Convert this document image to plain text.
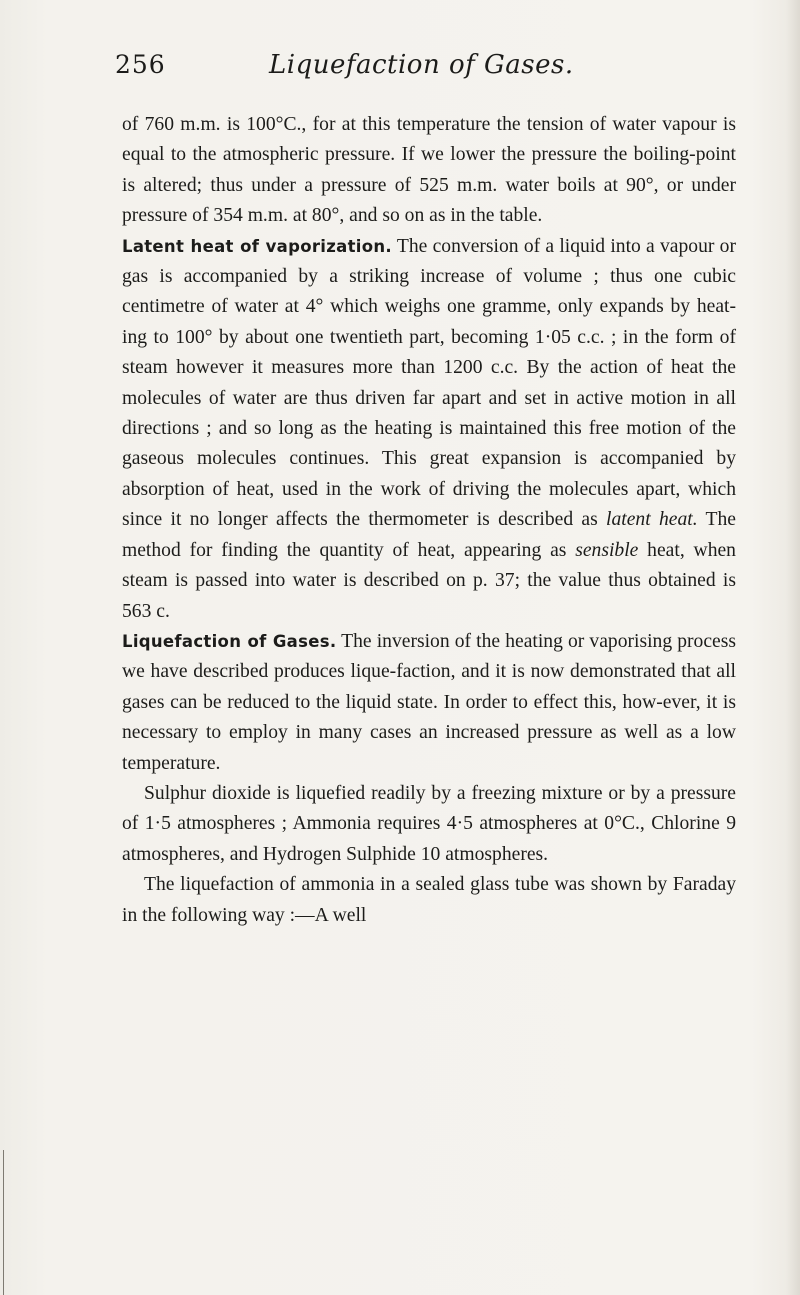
256	Liquefaction of Gases.

of 760 m.m. is 100°C., for at this temperature the tension of water vapour is equal to the atmospheric pressure. If we lower the pressure the boiling-point is altered; thus under a pressure of 525 m.m. water boils at 90°, or under pressure of 354 m.m. at 80°, and so on as in the table.

Latent heat of vaporization. The conversion of a liquid into a vapour or gas is accompanied by a striking increase of volume ; thus one cubic centimetre of water at 4° which weighs one gramme, only expands by heat-ing to 100° by about one twentieth part, becoming 1·05 c.c. ; in the form of steam however it measures more than 1200 c.c. By the action of heat the molecules of water are thus driven far apart and set in active motion in all directions ; and so long as the heating is maintained this free motion of the gaseous molecules continues. This great expansion is accompanied by absorption of heat, used in the work of driving the molecules apart, which since it no longer affects the thermometer is described as latent heat. The method for finding the quantity of heat, appearing as sensible heat, when steam is passed into water is described on p. 37; the value thus obtained is 563 c.

Liquefaction of Gases. The inversion of the heating or vaporising process we have described produces lique-faction, and it is now demonstrated that all gases can be reduced to the liquid state. In order to effect this, how-ever, it is necessary to employ in many cases an increased pressure as well as a low temperature.

Sulphur dioxide is liquefied readily by a freezing mixture or by a pressure of 1·5 atmospheres ; Ammonia requires 4·5 atmospheres at 0°C., Chlorine 9 atmospheres, and Hydrogen Sulphide 10 atmospheres.

The liquefaction of ammonia in a sealed glass tube was shown by Faraday in the following way :—A well
